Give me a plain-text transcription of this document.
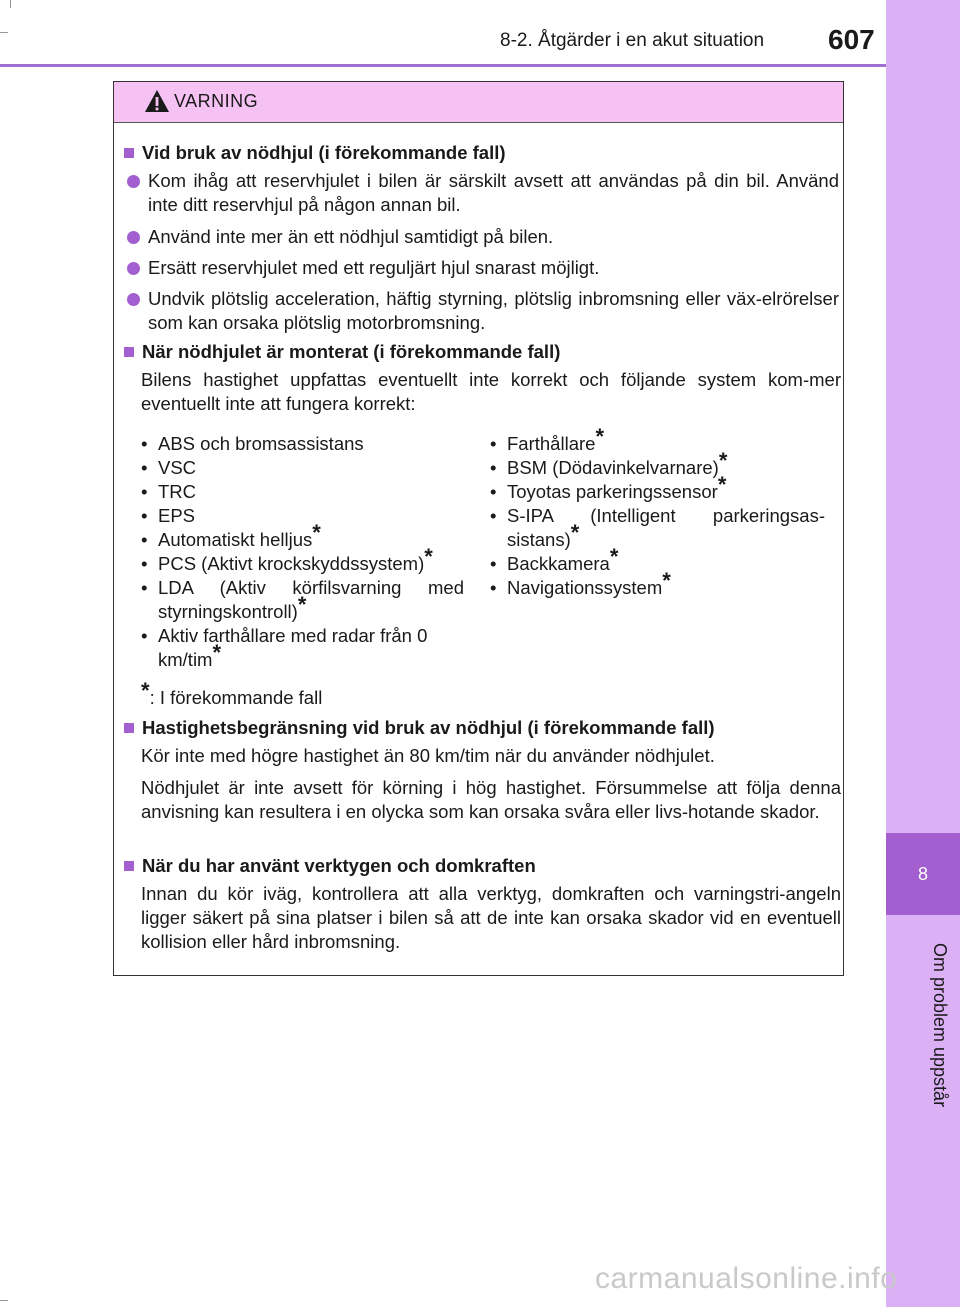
8-2. Åtgärder i en akut situation 607
8
Om problem uppstår
VARNING
Vid bruk av nödhjul (i förekommande fall)
Kom ihåg att reservhjulet i bilen är särskilt avsett att användas på din bil. Använd inte ditt reservhjul på någon annan bil.
Använd inte mer än ett nödhjul samtidigt på bilen.
Ersätt reservhjulet med ett reguljärt hjul snarast möjligt.
Undvik plötslig acceleration, häftig styrning, plötslig inbromsning eller väx-elrörelser som kan orsaka plötslig motorbromsning.
När nödhjulet är monterat (i förekommande fall)
Bilens hastighet uppfattas eventuellt inte korrekt och följande system kom-mer eventuellt inte att fungera korrekt:
• ABS och bromsassistans
• VSC
• TRC
• EPS
• Automatiskt helljus*
• PCS (Aktivt krockskyddssystem)*
• LDA (Aktiv körfilsvarning med styrningskontroll)*
• Aktiv farthållare med radar från 0 km/tim*
• Farthållare*
• BSM (Dödavinkelvarnare)*
• Toyotas parkeringssensor*
• S-IPA (Intelligent parkeringsas-sistans)*
• Backkamera*
• Navigationssystem*
*: I förekommande fall
Hastighetsbegränsning vid bruk av nödhjul (i förekommande fall)
Kör inte med högre hastighet än 80 km/tim när du använder nödhjulet.
Nödhjulet är inte avsett för körning i hög hastighet. Försummelse att följa denna anvisning kan resultera i en olycka som kan orsaka svåra eller livs-hotande skador.
När du har använt verktygen och domkraften
Innan du kör iväg, kontrollera att alla verktyg, domkraften och varningstri-angeln ligger säkert på sina platser i bilen så att de inte kan orsaka skador vid en eventuell kollision eller hård inbromsning.
carmanualsonline.info
